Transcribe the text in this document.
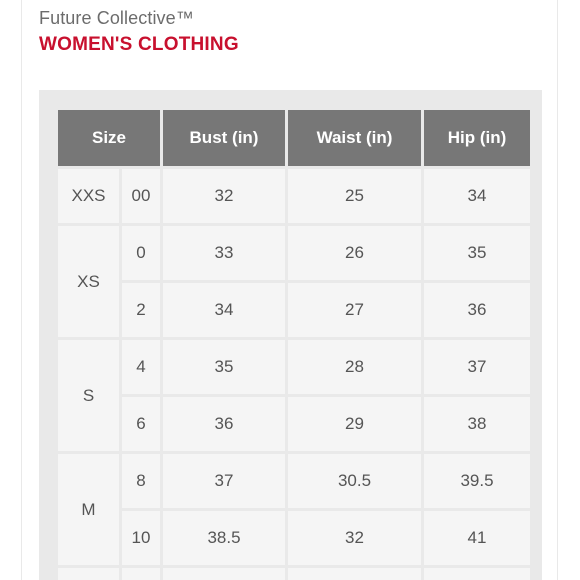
Future Collective™
WOMEN'S CLOTHING
Size		Bust (in)	Waist (in)	Hip (in)
XXS	00	32	25	34
XS	0	33	26	35
	2	34	27	36
S	4	35	28	37
	6	36	29	38
M	8	37	30.5	39.5
	10	38.5	32	41
